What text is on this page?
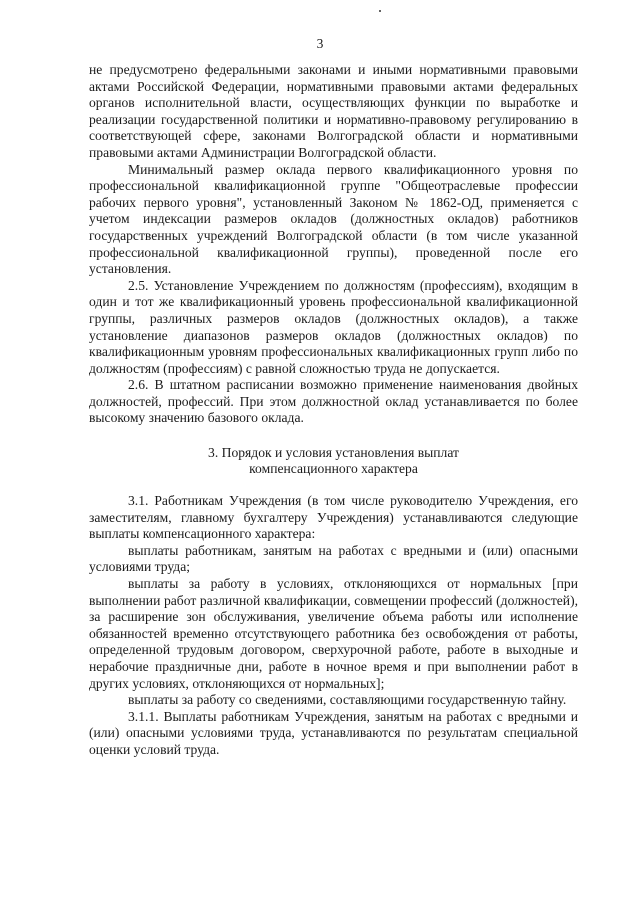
3

не предусмотрено федеральными законами и иными нормативными правовыми актами Российской Федерации, нормативными правовыми актами федеральных органов исполнительной власти, осуществляющих функции по выработке и реализации государственной политики и нормативно-правовому регулированию в соответствующей сфере, законами Волгоградской области и нормативными правовыми актами Администрации Волгоградской области.

Минимальный размер оклада первого квалификационного уровня по профессиональной квалификационной группе "Общеотраслевые профессии рабочих первого уровня", установленный Законом № 1862-ОД, применяется с учетом индексации размеров окладов (должностных окладов) работников государственных учреждений Волгоградской области (в том числе указанной профессиональной квалификационной группы), проведенной после его установления.

2.5. Установление Учреждением по должностям (профессиям), входящим в один и тот же квалификационный уровень профессиональной квалификационной группы, различных размеров окладов (должностных окладов), а также установление диапазонов размеров окладов (должностных окладов) по квалификационным уровням профессиональных квалификационных групп либо по должностям (профессиям) с равной сложностью труда не допускается.

2.6. В штатном расписании возможно применение наименования двойных должностей, профессий. При этом должностной оклад устанавливается по более высокому значению базового оклада.

3. Порядок и условия установления выплат
компенсационного характера

3.1. Работникам Учреждения (в том числе руководителю Учреждения, его заместителям, главному бухгалтеру Учреждения) устанавливаются следующие выплаты компенсационного характера:

выплаты работникам, занятым на работах с вредными и (или) опасными условиями труда;

выплаты за работу в условиях, отклоняющихся от нормальных [при выполнении работ различной квалификации, совмещении профессий (должностей), за расширение зон обслуживания, увеличение объема работы или исполнение обязанностей временно отсутствующего работника без освобождения от работы, определенной трудовым договором, сверхурочной работе, работе в выходные и нерабочие праздничные дни, работе в ночное время и при выполнении работ в других условиях, отклоняющихся от нормальных];

выплаты за работу со сведениями, составляющими государственную тайну.

3.1.1. Выплаты работникам Учреждения, занятым на работах с вредными и (или) опасными условиями труда, устанавливаются по результатам специальной оценки условий труда.
